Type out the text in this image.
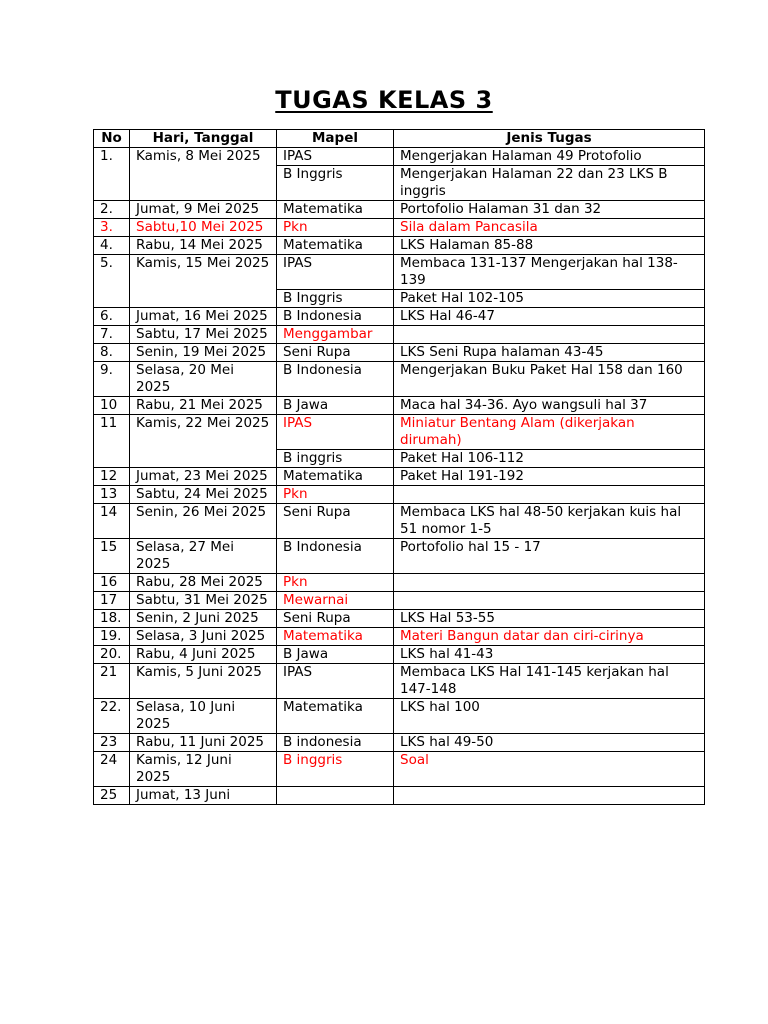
TUGAS KELAS 3
No	Hari, Tanggal	Mapel	Jenis Tugas
1.	Kamis, 8 Mei 2025	IPAS	Mengerjakan Halaman 49 Protofolio
		B Inggris	Mengerjakan Halaman 22 dan 23 LKS B inggris
2.	Jumat, 9 Mei 2025	Matematika	Portofolio Halaman 31 dan 32
3.	Sabtu,10 Mei 2025	Pkn	Sila dalam Pancasila
4.	Rabu, 14 Mei 2025	Matematika	LKS Halaman 85-88
5.	Kamis, 15 Mei 2025	IPAS	Membaca 131-137 Mengerjakan hal 138-139
		B Inggris	Paket Hal 102-105
6.	Jumat, 16 Mei 2025	B Indonesia	LKS Hal 46-47
7.	Sabtu, 17 Mei 2025	Menggambar	
8.	Senin, 19 Mei 2025	Seni Rupa	LKS Seni Rupa halaman 43-45
9.	Selasa, 20 Mei 2025	B Indonesia	Mengerjakan Buku Paket Hal 158 dan 160
10	Rabu, 21 Mei 2025	B Jawa	Maca hal 34-36. Ayo wangsuli hal 37
11	Kamis, 22 Mei 2025	IPAS	Miniatur Bentang Alam (dikerjakan dirumah)
		B inggris	Paket Hal 106-112
12	Jumat, 23 Mei 2025	Matematika	Paket Hal 191-192
13	Sabtu, 24 Mei 2025	Pkn	
14	Senin, 26 Mei 2025	Seni Rupa	Membaca LKS hal 48-50 kerjakan kuis hal 51 nomor 1-5
15	Selasa, 27 Mei 2025	B Indonesia	Portofolio hal 15 - 17
16	Rabu, 28 Mei 2025	Pkn	
17	Sabtu, 31 Mei 2025	Mewarnai	
18.	Senin, 2 Juni 2025	Seni Rupa	LKS Hal 53-55
19.	Selasa, 3 Juni 2025	Matematika	Materi Bangun datar dan ciri-cirinya
20.	Rabu, 4 Juni 2025	B Jawa	LKS hal 41-43
21	Kamis, 5 Juni 2025	IPAS	Membaca LKS Hal 141-145 kerjakan hal 147-148
22.	Selasa, 10 Juni 2025	Matematika	LKS hal 100
23	Rabu, 11 Juni 2025	B indonesia	LKS hal 49-50
24	Kamis, 12 Juni 2025	B inggris	Soal
25	Jumat, 13 Juni		
